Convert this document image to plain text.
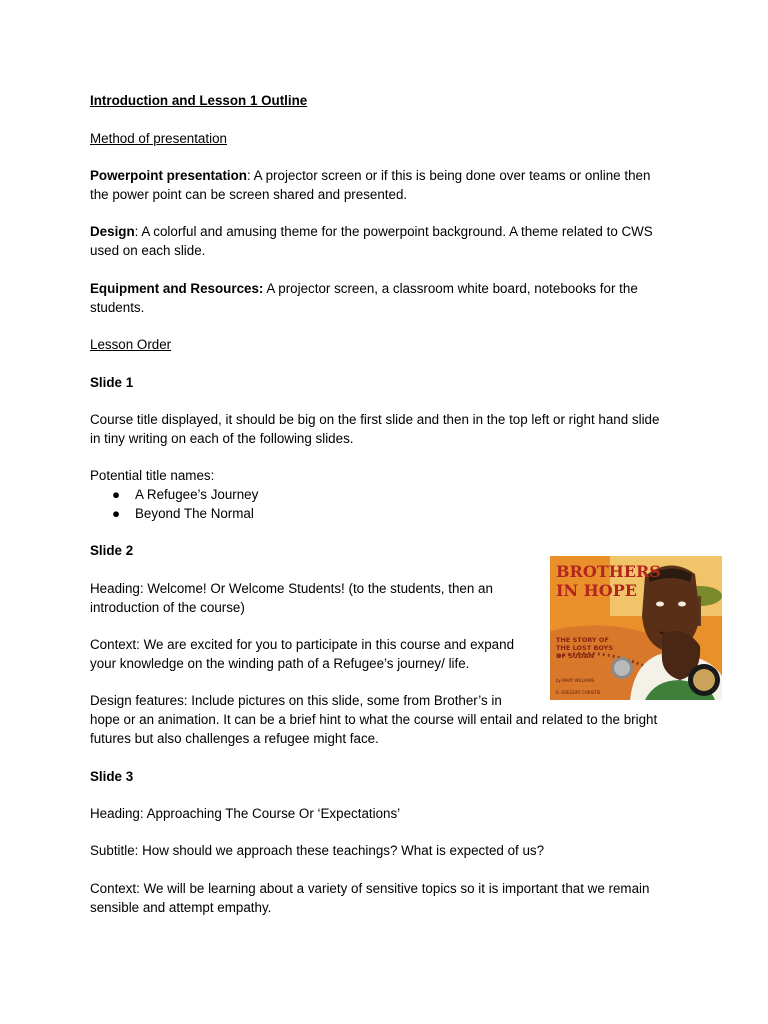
Introduction and Lesson 1 Outline
Method of presentation
Powerpoint presentation: A projector screen or if this is being done over teams or online then
the power point can be screen shared and presented.
Design: A colorful and amusing theme for the powerpoint background. A theme related to CWS
used on each slide.
Equipment and Resources: A projector screen, a classroom white board, notebooks for the
students.
Lesson Order
Slide 1
Course title displayed, it should be big on the first slide and then in the top left or right hand slide
in tiny writing on each of the following slides.
Potential title names:
● A Refugee’s Journey
● Beyond The Normal
Slide 2
Heading: Welcome! Or Welcome Students! (to the students, then an
introduction of the course)
Context: We are excited for you to participate in this course and expand
your knowledge on the winding path of a Refugee’s journey/ life.
Design features: Include pictures on this slide, some from Brother’s in
hope or an animation. It can be a brief hint to what the course will entail and related to the bright
futures but also challenges a refugee might face.
Slide 3
Heading: Approaching The Course Or ‘Expectations’
Subtitle: How should we approach these teachings? What is expected of us?
Context: We will be learning about a variety of sensitive topics so it is important that we remain
sensible and attempt empathy.
BROTHERS
IN HOPE
THE STORY OF
THE LOST BOYS
OF SUDAN
by MARY WILLIAMS
R. GREGORY CHRISTIE
